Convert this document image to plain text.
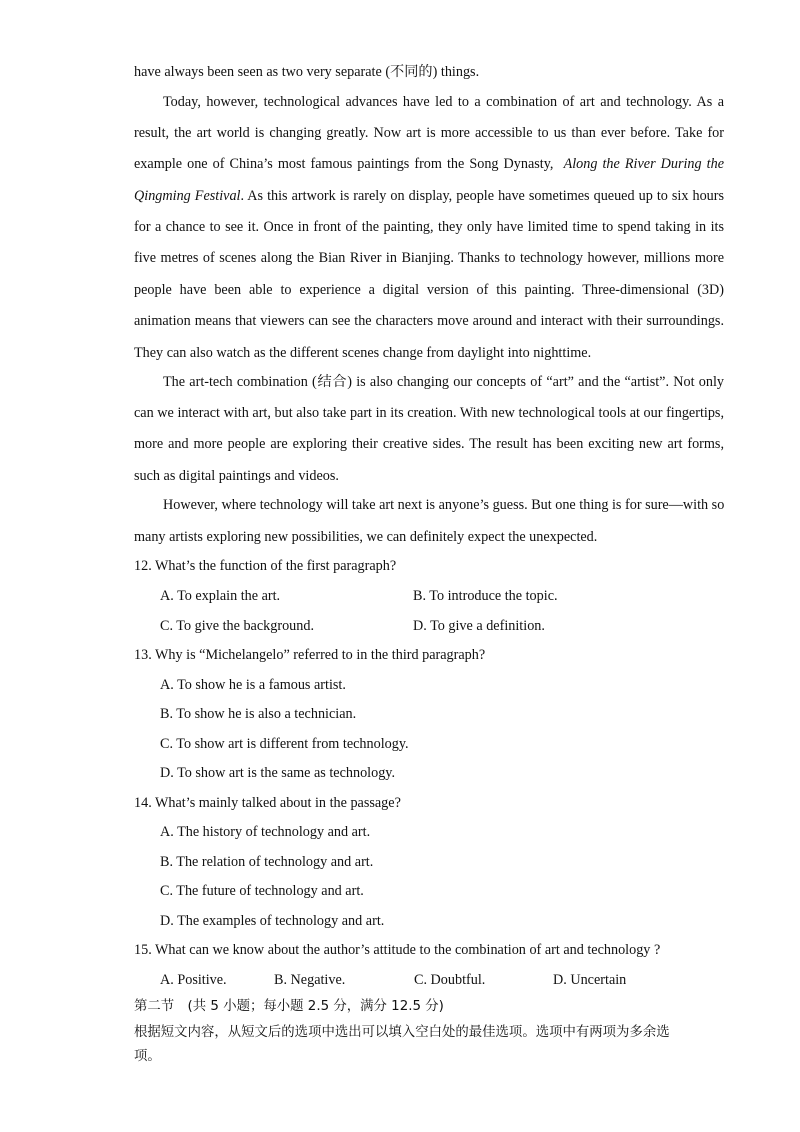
have always been seen as two very separate (不同的) things.
Today, however, technological advances have led to a combination of art and technology. As a
result, the art world is changing greatly. Now art is more accessible to us than ever before. Take for
example one of China’s most famous paintings from the Song Dynasty, Along the River During the
Qingming Festival. As this artwork is rarely on display, people have sometimes queued up to six hours
for a chance to see it. Once in front of the painting, they only have limited time to spend taking in its
five metres of scenes along the Bian River in Bianjing. Thanks to technology however, millions more
people have been able to experience a digital version of this painting. Three-dimensional (3D)
animation means that viewers can see the characters move around and interact with their surroundings.
They can also watch as the different scenes change from daylight into nighttime.
The art-tech combination (结合) is also changing our concepts of “art” and the “artist”. Not only
can we interact with art, but also take part in its creation. With new technological tools at our fingertips,
more and more people are exploring their creative sides. The result has been exciting new art forms,
such as digital paintings and videos.
However, where technology will take art next is anyone’s guess. But one thing is for sure—with so
many artists exploring new possibilities, we can definitely expect the unexpected.
12. What’s the function of the first paragraph?
A. To explain the art.	B. To introduce the topic.
C. To give the background.	D. To give a definition.
13. Why is “Michelangelo” referred to in the third paragraph?
A. To show he is a famous artist.
B. To show he is also a technician.
C. To show art is different from technology.
D. To show art is the same as technology.
14. What’s mainly talked about in the passage?
A. The history of technology and art.
B. The relation of technology and art.
C. The future of technology and art.
D. The examples of technology and art.
15. What can we know about the author’s attitude to the combination of art and technology ?
A. Positive.	B. Negative.	C. Doubtful.	D. Uncertain
第二节　(共 5 小题；每小题 2.5 分，满分 12.5 分)
根据短文内容，从短文后的选项中选出可以填入空白处的最佳选项。选项中有两项为多余选
项。
